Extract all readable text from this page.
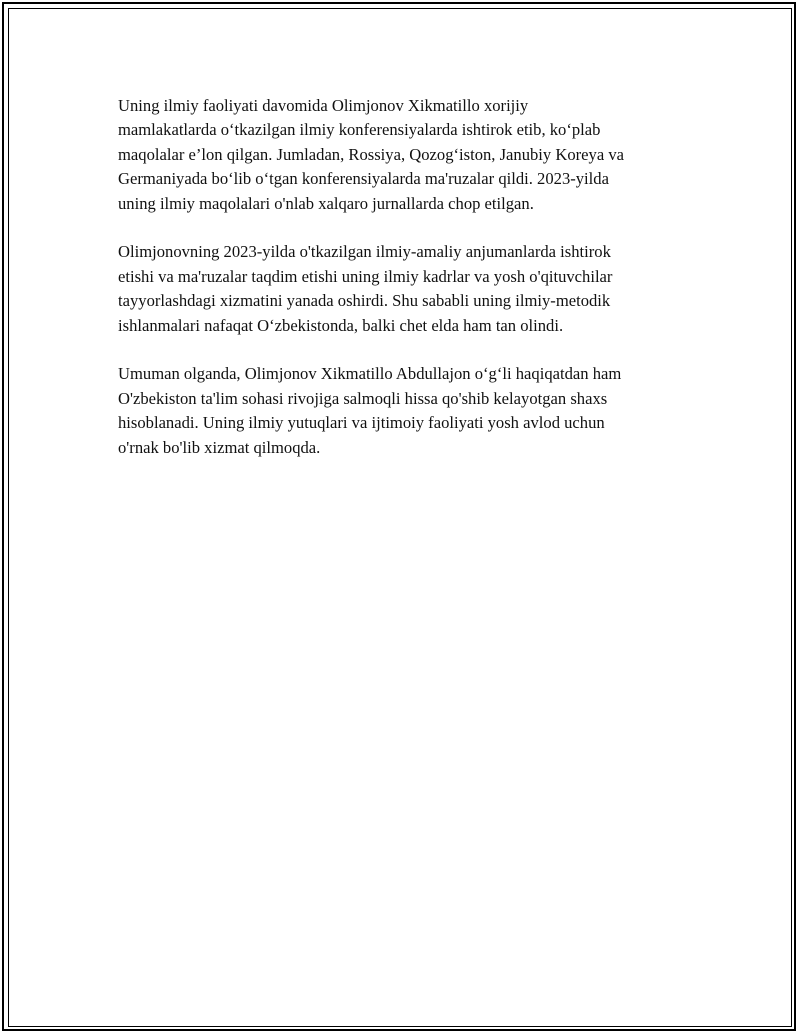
Uning ilmiy faoliyati davomida Olimjonov Xikmatillo xorijiy
mamlakatlarda o‘tkazilgan ilmiy konferensiyalarda ishtirok etib, ko‘plab
maqolalar e’lon qilgan. Jumladan, Rossiya, Qozog‘iston, Janubiy Koreya va
Germaniyada bo‘lib o‘tgan konferensiyalarda ma'ruzalar qildi. 2023-yilda
uning ilmiy maqolalari o'nlab xalqaro jurnallarda chop etilgan.

Olimjonovning 2023-yilda o'tkazilgan ilmiy-amaliy anjumanlarda ishtirok
etishi va ma'ruzalar taqdim etishi uning ilmiy kadrlar va yosh o'qituvchilar
tayyorlashdagi xizmatini yanada oshirdi. Shu sababli uning ilmiy-metodik
ishlanmalari nafaqat O‘zbekistonda, balki chet elda ham tan olindi.

Umuman olganda, Olimjonov Xikmatillo Abdullajon o‘g‘li haqiqatdan ham
O'zbekiston ta'lim sohasi rivojiga salmoqli hissa qo'shib kelayotgan shaxs
hisoblanadi. Uning ilmiy yutuqlari va ijtimoiy faoliyati yosh avlod uchun
o'rnak bo'lib xizmat qilmoqda.
